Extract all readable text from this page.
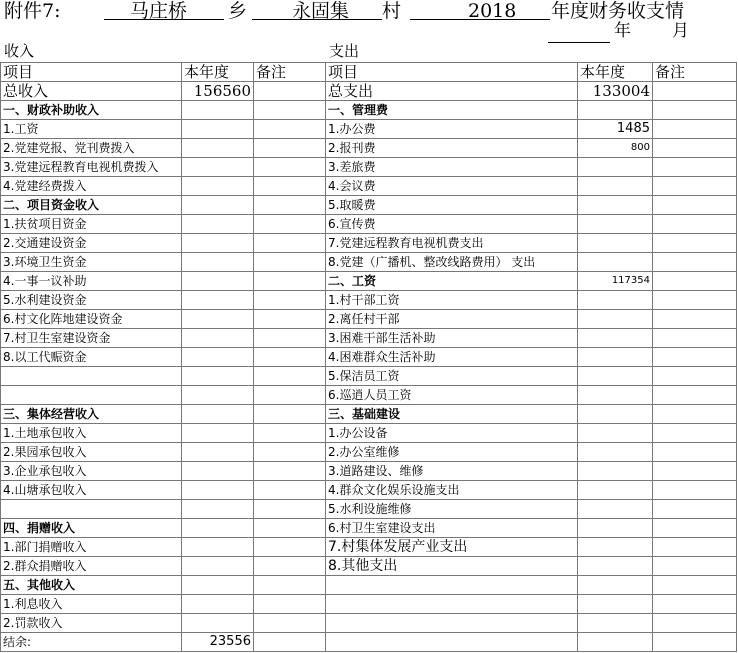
附件7:	马庄桥 乡 永固集 村	2018 年度财务收支情
年 月
收入	支出
项目	本年度	备注	项目	本年度	备注
总收入	156560		总支出	133004	
一、财政补助收入			一、管理费		
1.工资			1.办公费	1485	
2.党建党报、党刊费拨入			2.报刊费	800	
3.党建远程教育电视机费拨入			3.差旅费		
4.党建经费拨入			4.会议费		
二、项目资金收入			5.取暖费		
1.扶贫项目资金			6.宣传费		
2.交通建设资金			7.党建远程教育电视机费支出		
3.环境卫生资金			8.党建（广播机、整改线路费用） 支出		
4.一事一议补助			二、工资	117354	
5.水利建设资金			1.村干部工资		
6.村文化阵地建设资金			2.离任村干部		
7.村卫生室建设资金			3.困难干部生活补助		
8.以工代赈资金			4.困难群众生活补助		
			5.保洁员工资		
			6.巡逍人员工资		
三、集体经营收入			三、基础建设		
1.土地承包收入			1.办公设备		
2.果园承包收入			2.办公室维修		
3.企业承包收入			3.道路建设、维修		
4.山塘承包收入			4.群众文化娱乐设施支出		
			5.水利设施维修		
四、捐赠收入			6.村卫生室建设支出		
1.部门捐赠收入			7.村集体发展产业支出		
2.群众捐赠收入			8.其他支出		
五、其他收入					
1.利息收入					
2.罚款收入					
结余:	23556				
